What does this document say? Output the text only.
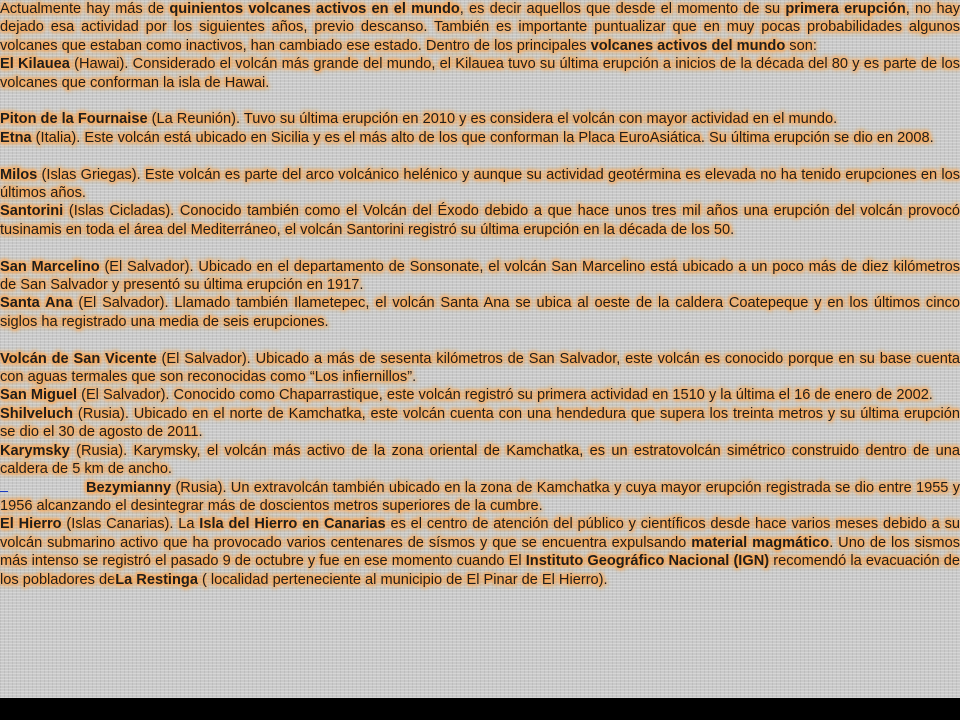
Actualmente hay más de quinientos volcanes activos en el mundo, es decir aquellos que desde el momento de su primera erupción, no hay dejado esa actividad por los siguientes años, previo descanso. También es importante puntualizar que en muy pocas probabilidades algunos volcanes que estaban como inactivos, han cambiado ese estado. Dentro de los principales volcanes activos del mundo son:

El Kilauea (Hawai). Considerado el volcán más grande del mundo, el Kilauea tuvo su última erupción a inicios de la década del 80 y es parte de los volcanes que conforman la isla de Hawai.

Piton de la Fournaise (La Reunión). Tuvo su última erupción en 2010 y es considera el volcán con mayor actividad en el mundo.

Etna (Italia). Este volcán está ubicado en Sicilia y es el más alto de los que conforman la Placa EuroAsiática. Su última erupción se dio en 2008.

Milos (Islas Griegas). Este volcán es parte del arco volcánico helénico y aunque su actividad geotérmina es elevada no ha tenido erupciones en los últimos años.

Santorini (Islas Cicladas). Conocido también como el Volcán del Éxodo debido a que hace unos tres mil años una erupción del volcán provocó tusinamis en toda el área del Mediterráneo, el volcán Santorini registró su última erupción en la década de los 50.

San Marcelino (El Salvador). Ubicado en el departamento de Sonsonate, el volcán San Marcelino está ubicado a un poco más de diez kilómetros de San Salvador y presentó su última erupción en 1917.

Santa Ana (El Salvador). Llamado también Ilametepec, el volcán Santa Ana se ubica al oeste de la caldera Coatepeque y en los últimos cinco siglos ha registrado una media de seis erupciones.

Volcán de San Vicente (El Salvador). Ubicado a más de sesenta kilómetros de San Salvador, este volcán es conocido porque en su base cuenta con aguas termales que son reconocidas como “Los infiernillos”.

San Miguel (El Salvador). Conocido como Chaparrastique, este volcán registró su primera actividad en 1510 y la última el 16 de enero de 2002.

Shilveluch (Rusia). Ubicado en el norte de Kamchatka, este volcán cuenta con una hendedura que supera los treinta metros y su última erupción se dio el 30 de agosto de 2011.

Karymsky (Rusia). Karymsky, el volcán más activo de la zona oriental de Kamchatka, es un estratovolcán simétrico construido dentro de una caldera de 5 km de ancho.

Bezymianny (Rusia). Un extravolcán también ubicado en la zona de Kamchatka y cuya mayor erupción registrada se dio entre 1955 y 1956 alcanzando el desintegrar más de doscientos metros superiores de la cumbre.

El Hierro (Islas Canarias). La Isla del Hierro en Canarias es el centro de atención del público y científicos desde hace varios meses debido a su volcán submarino activo que ha provocado varios centenares de sísmos y que se encuentra expulsando material magmático. Uno de los sismos más intenso se registró el pasado 9 de octubre y fue en ese momento cuando El Instituto Geográfico Nacional (IGN) recomendó la evacuación de los pobladores deLa Restinga ( localidad perteneciente al municipio de El Pinar de El Hierro).
